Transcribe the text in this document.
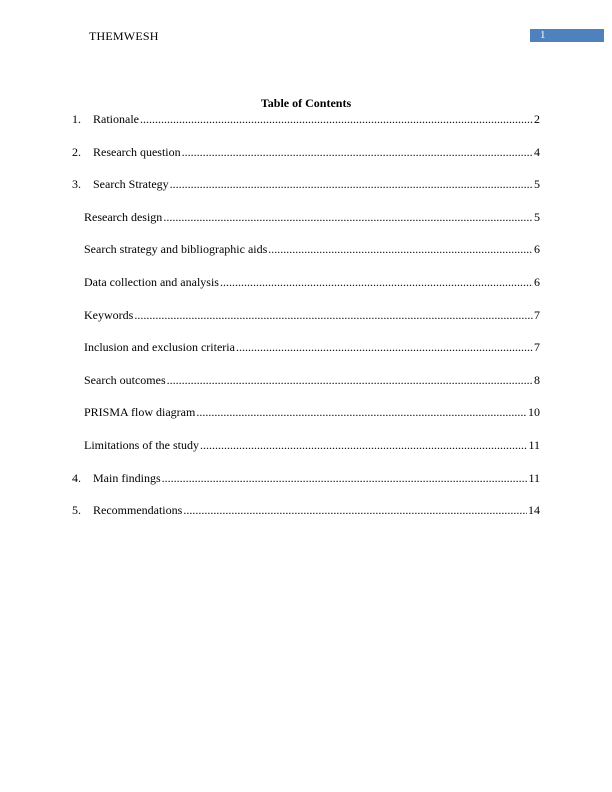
THEMWESH	1
Table of Contents
1.	Rationale .....	2
2.	Research question .....	4
3.	Search Strategy .....	5
Research design .....	5
Search strategy and bibliographic aids .....	6
Data collection and analysis .....	6
Keywords .....	7
Inclusion and exclusion criteria .....	7
Search outcomes .....	8
PRISMA flow diagram .....	10
Limitations of the study .....	11
4.	Main findings .....	11
5.	Recommendations .....	14
